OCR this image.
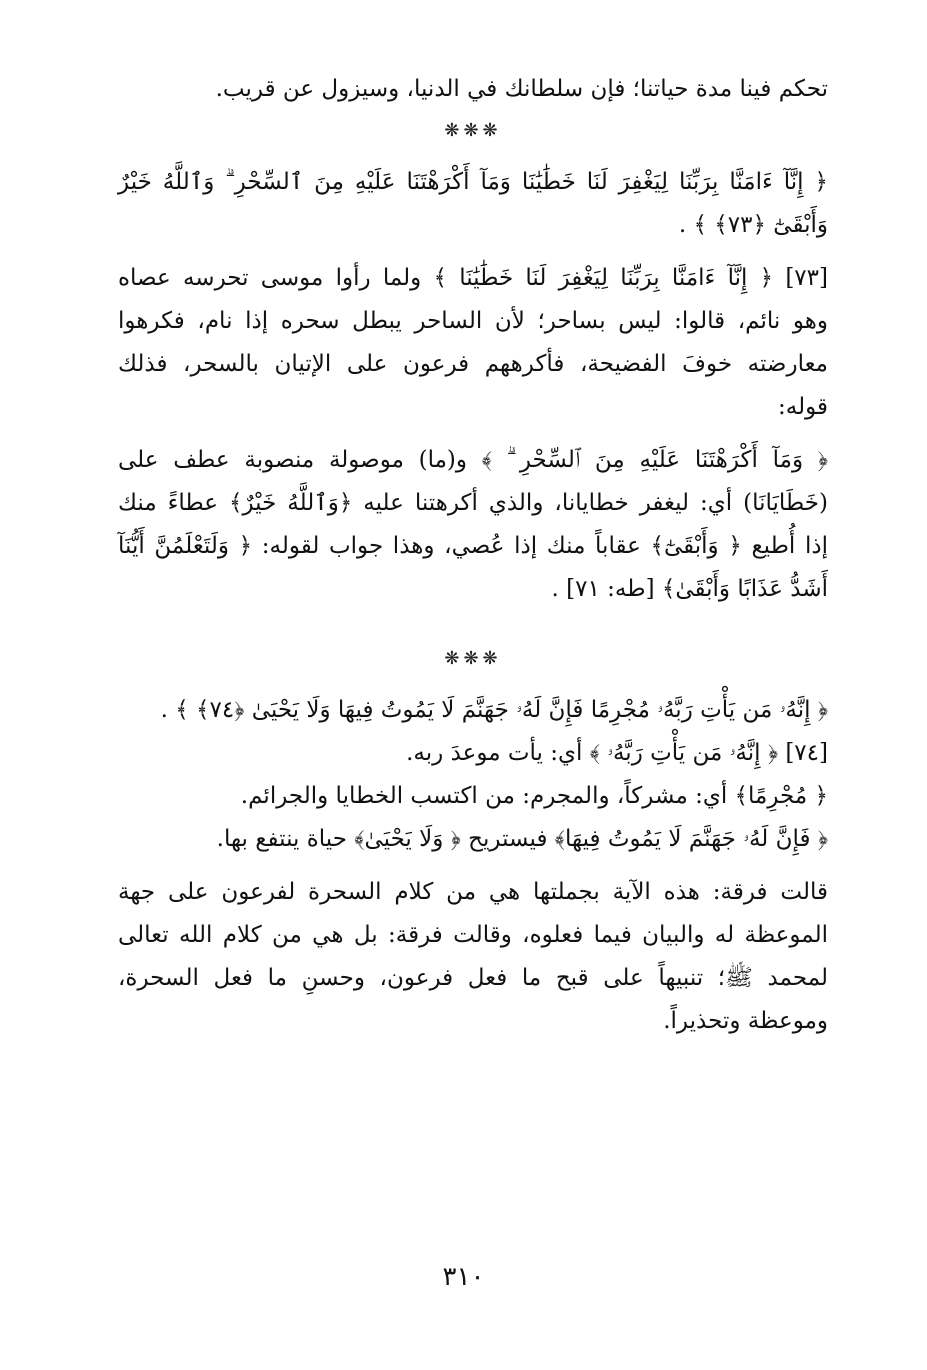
تحكم فينا مدة حياتنا؛ فإن سلطانك في الدنيا، وسيزول عن قريب.
❋❋❋
﴿ إِنَّآ ءَامَنَّا بِرَبِّنَا لِيَغْفِرَ لَنَا خَطَٰيَٰنَا وَمَآ أَكْرَهْتَنَا عَلَيْهِ مِنَ ٱلسِّحْرِ ۗ وَٱللَّهُ خَيْرٌ
وَأَبْقَىٰٓ ﴿٧٣﴾ ﴾ .
[٧٣] ﴿ إِنَّآ ءَامَنَّا بِرَبِّنَا لِيَغْفِرَ لَنَا خَطَٰيَٰنَا ﴾ ولما رأوا موسى تحرسه عصاه
وهو نائم، قالوا: ليس بساحر؛ لأن الساحر يبطل سحره إذا نام، فكرهوا
معارضته خوفَ الفضيحة، فأكرههم فرعون على الإتيان بالسحر، فذلك
قوله:
﴿ وَمَآ أَكْرَهْتَنَا عَلَيْهِ مِنَ ٱلسِّحْرِ ۗ ﴾ و(ما) موصولة منصوبة عطف على
(خَطَايَانَا) أي: ليغفر خطايانا، والذي أكرهتنا عليه ﴿وَٱللَّهُ خَيْرٌ﴾ عطاءً منك
إذا أُطيع ﴿ وَأَبْقَىٰٓ﴾ عقاباً منك إذا عُصي، وهذا جواب لقوله: ﴿ وَلَتَعْلَمُنَّ أَيُّنَآ
أَشَدُّ عَذَابًا وَأَبْقَىٰ﴾ [طه: ٧١] .
❋❋❋
﴿ إِنَّهُۥ مَن يَأْتِ رَبَّهُۥ مُجْرِمًا فَإِنَّ لَهُۥ جَهَنَّمَ لَا يَمُوتُ فِيهَا وَلَا يَحْيَىٰ ﴿٧٤﴾ ﴾ .
[٧٤] ﴿ إِنَّهُۥ مَن يَأْتِ رَبَّهُۥ ﴾ أي: يأت موعدَ ربه.
﴿ مُجْرِمًا﴾ أي: مشركاً، والمجرم: من اكتسب الخطايا والجرائم.
﴿ فَإِنَّ لَهُۥ جَهَنَّمَ لَا يَمُوتُ فِيهَا﴾ فيستريح ﴿ وَلَا يَحْيَىٰ﴾ حياة ينتفع بها.
قالت فرقة: هذه الآية بجملتها هي من كلام السحرة لفرعون على جهة
الموعظة له والبيان فيما فعلوه، وقالت فرقة: بل هي من كلام الله تعالى
لمحمد ﷺ؛ تنبيهاً على قبح ما فعل فرعون، وحسنِ ما فعل السحرة،
وموعظة وتحذيراً.
٣١٠
